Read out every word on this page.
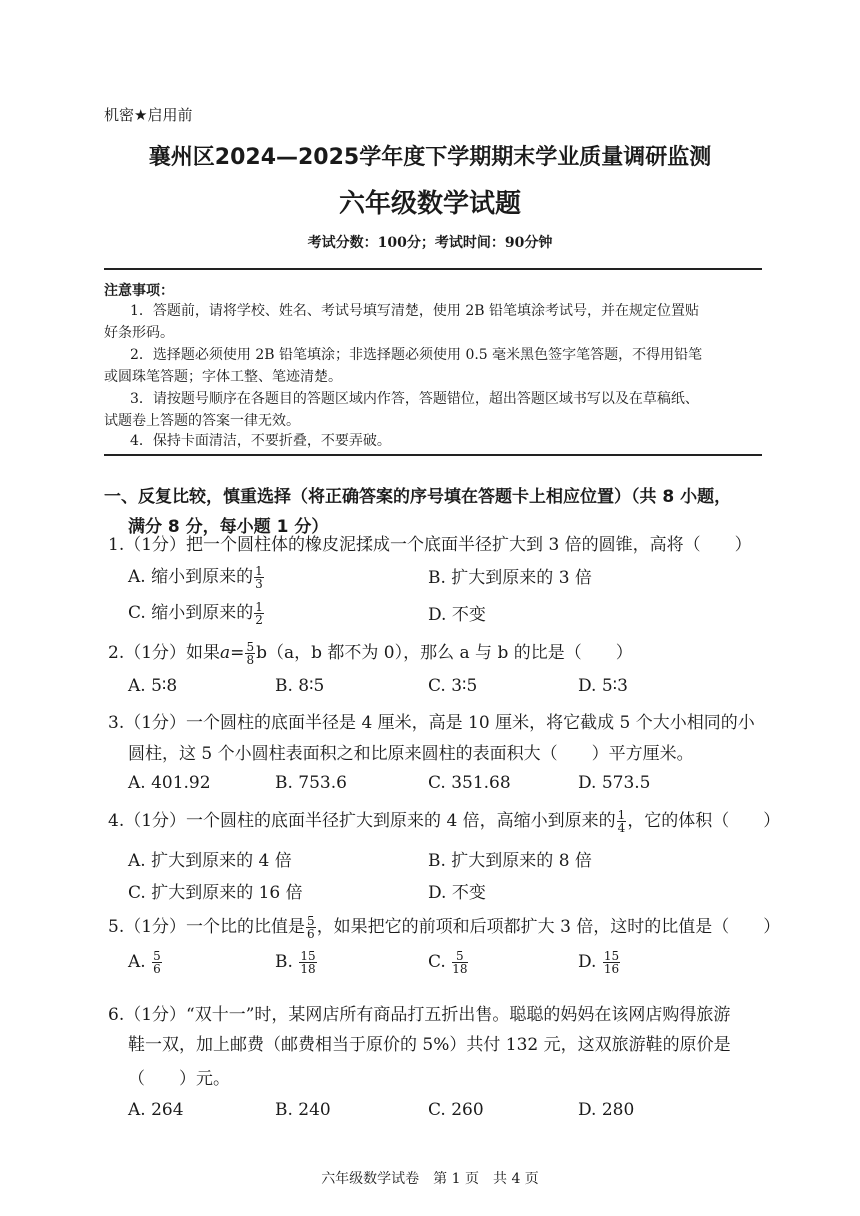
机密★启用前
襄州区2024—2025学年度下学期期末学业质量调研监测
六年级数学试题
考试分数：100分；考试时间：90分钟
注意事项：
1．答题前，请将学校、姓名、考试号填写清楚，使用 2B 铅笔填涂考试号，并在规定位置贴
好条形码。
2．选择题必须使用 2B 铅笔填涂；非选择题必须使用 0.5 毫米黑色签字笔答题，不得用铅笔
或圆珠笔答题；字体工整、笔迹清楚。
3．请按题号顺序在各题目的答题区域内作答，答题错位，超出答题区域书写以及在草稿纸、
试题卷上答题的答案一律无效。
4．保持卡面清洁，不要折叠，不要弄破。
一、反复比较，慎重选择（将正确答案的序号填在答题卡上相应位置）（共 8 小题，
满分 8 分，每小题 1 分）
1.（1分）把一个圆柱体的橡皮泥揉成一个底面半径扩大到 3 倍的圆锥，高将（　　）
A. 缩小到原来的 $\frac{1}{3}$	B. 扩大到原来的 3 倍
C. 缩小到原来的 $\frac{1}{2}$	D. 不变
2.（1分）如果$a= \frac{5}{8} b(a$，b 都不为 0），那么 a 与 b 的比是（　　）
A. 5∶8	B. 8∶5	C. 3∶5	D. 5∶3
3.（1分）一个圆柱的底面半径是 4 厘米，高是 10 厘米，将它截成 5 个大小相同的小
圆柱，这 5 个小圆柱表面积之和比原来圆柱的表面积大（　　）平方厘米。
A. 401.92	B. 753.6	C. 351.68	D. 573.5
4.（1分）一个圆柱的底面半径扩大到原来的 4 倍，高缩小到原来的 $\frac{1}{4}$ ，它的体积（　　）
A. 扩大到原来的 4 倍	B. 扩大到原来的 8 倍
C. 扩大到原来的 16 倍	D. 不变
5.（1分）一个比的比值是 $\frac{5}{6}$ ，如果把它的前项和后项都扩大 3 倍，这时的比值是（　　）
A. $\frac{5}{6}$	B. $\frac{15}{18}$	C. $\frac{5}{18}$	D. $\frac{15}{16}$
6.（1分）“双十一”时，某网店所有商品打五折出售。聪聪的妈妈在该网店购得旅游
鞋一双，加上邮费（邮费相当于原价的 5%）共付 132 元，这双旅游鞋的原价是
（　　）元。
A. 264	B. 240	C. 260	D. 280
六年级数学试卷　第 1 页　共 4 页
